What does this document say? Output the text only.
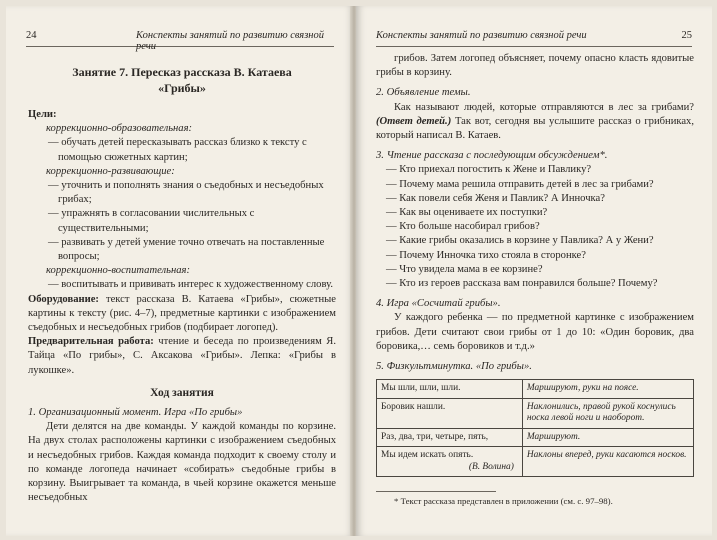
24	Конспекты занятий по развитию связной речи
Занятие 7. Пересказ рассказа В. Катаева
«Грибы»

Цели:

коррекционно-образовательная:

— обучать детей пересказывать рассказ близко к тексту с помощью сюжетных картин;

коррекционно-развивающие:

— уточнить и пополнять знания о съедобных и несъедобных грибах;

— упражнять в согласовании числительных с существительными;

— развивать у детей умение точно отвечать на поставленные вопросы;

коррекционно-воспитательная:

— воспитывать и прививать интерес к художественному слову.

Оборудование: текст рассказа В. Катаева «Грибы», сюжетные картины к тексту (рис. 4–7), предметные картинки с изображением съедобных и несъедобных грибов (подбирает логопед).

Предварительная работа: чтение и беседа по произведениям Я. Тайца «По грибы», С. Аксакова «Грибы». Лепка: «Грибы в лукошке».

Ход занятия

1. Организационный момент. Игра «По грибы»

Дети делятся на две команды. У каждой команды по корзине. На двух столах расположены картинки с изображением съедобных и несъедобных грибов. Каждая команда подходит к своему столу и по команде логопеда начинает «собирать» съедобные грибы в корзину. Выигрывает та команда, в чьей корзине окажется меньше несъедобных

Конспекты занятий по развитию связной речи	25

грибов. Затем логопед объясняет, почему опасно класть ядовитые грибы в корзину.

2. Объявление темы.

Как называют людей, которые отправляются в лес за грибами? (Ответ детей.) Так вот, сегодня вы услышите рассказ о грибниках, который написал В. Катаев.

3. Чтение рассказа с последующим обсуждением*.

— Кто приехал погостить к Жене и Павлику?

— Почему мама решила отправить детей в лес за грибами?

— Как повели себя Женя и Павлик? А Инночка?

— Как вы оцениваете их поступки?

— Кто больше насобирал грибов?

— Какие грибы оказались в корзине у Павлика? А у Жени?

— Почему Инночка тихо стояла в сторонке?

— Что увидела мама в ее корзине?

— Кто из героев рассказа вам понравился больше? Почему?

4. Игра «Сосчитай грибы».

У каждого ребенка — по предметной картинке с изображением грибов. Дети считают свои грибы от 1 до 10: «Один боровик, два боровика,… семь боровиков и т.д.»

5. Физкультминутка. «По грибы».

Мы шли, шли, шли.	Маршируют, руки на поясе.

Боровик нашли.	Наклонились, правой рукой коснулись носка левой ноги и наоборот.

Раз, два, три, четыре, пять,	Маршируют.

Мы идем искать опять.
(В. Волина)	Наклоны вперед, руки касаются носков.

* Текст рассказа представлен в приложении (см. с. 97–98).
